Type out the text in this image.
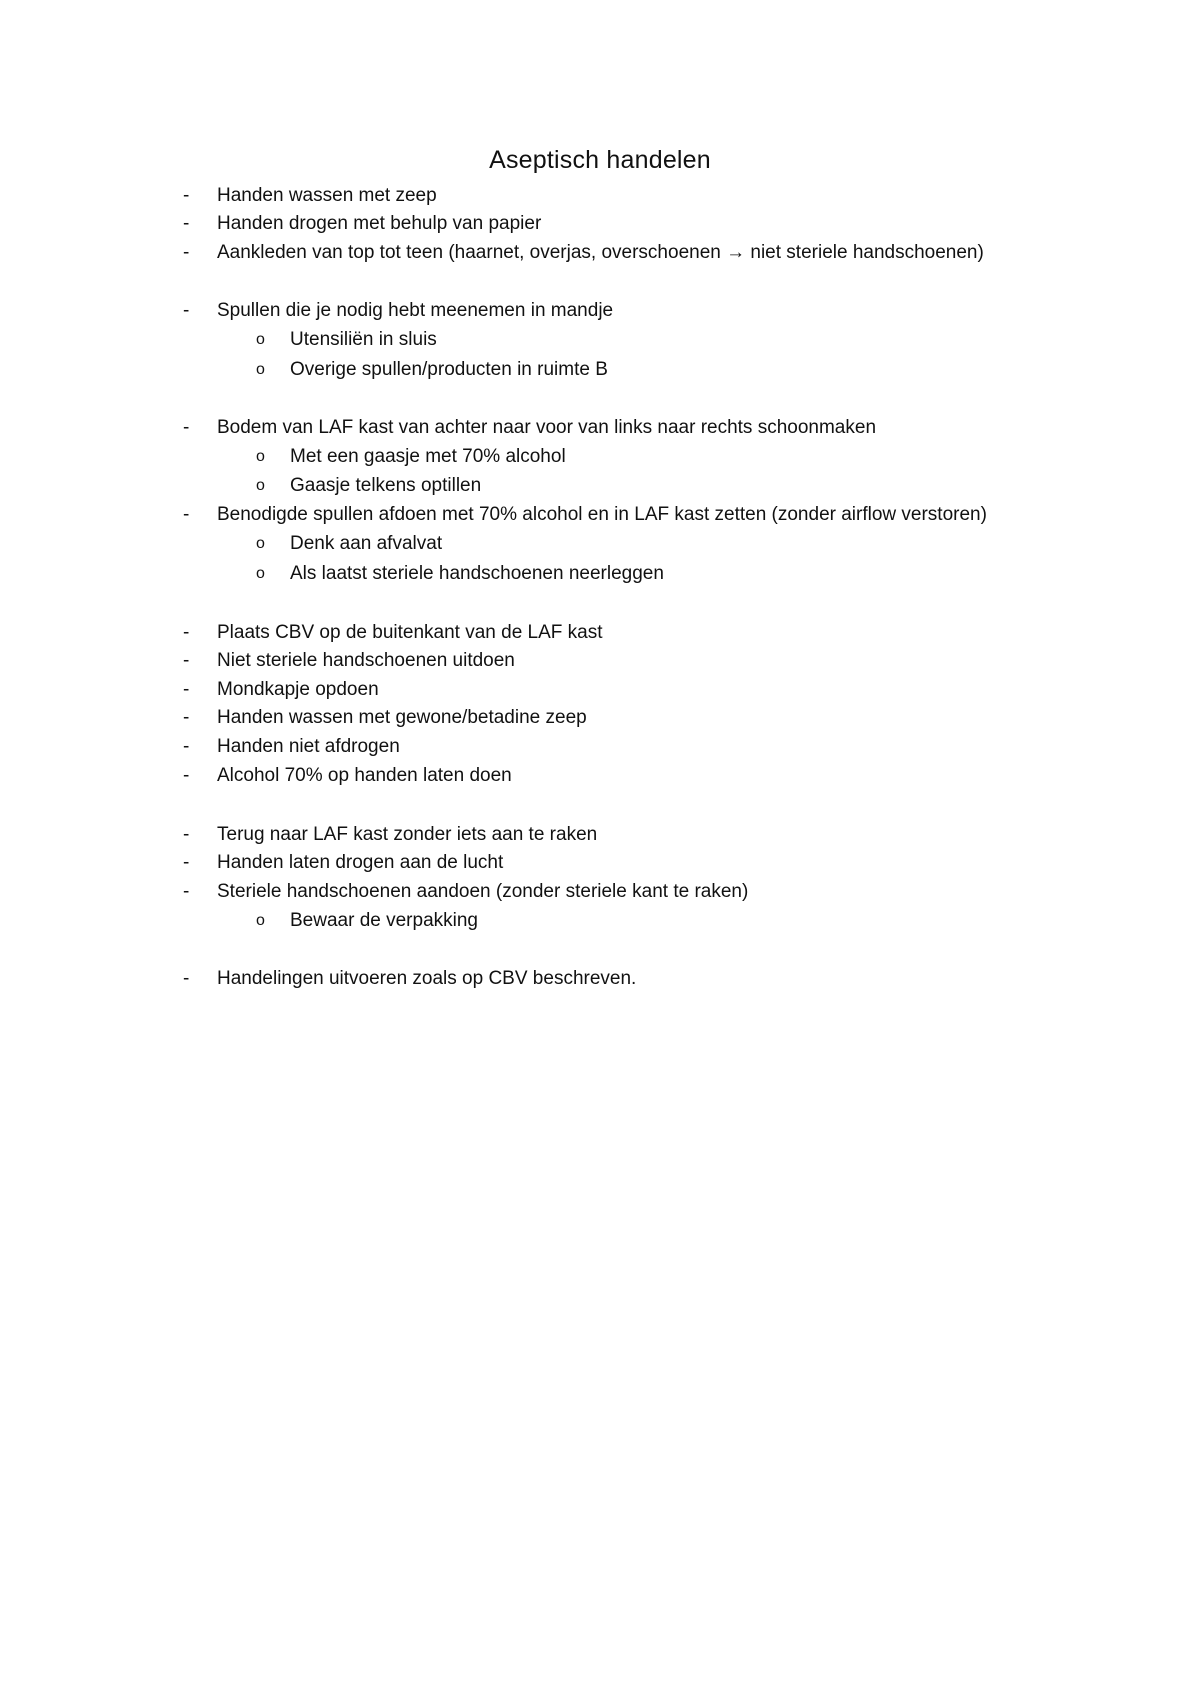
Aseptisch handelen
-	Handen wassen met zeep
-	Handen drogen met behulp van papier
-	Aankleden van top tot teen (haarnet, overjas, overschoenen → niet steriele handschoenen)
-	Spullen die je nodig hebt meenemen in mandje
o	Utensiliën in sluis
o	Overige spullen/producten in ruimte B
-	Bodem van LAF kast van achter naar voor van links naar rechts schoonmaken
o	Met een gaasje met 70% alcohol
o	Gaasje telkens optillen
-	Benodigde spullen afdoen met 70% alcohol en in LAF kast zetten (zonder airflow verstoren)
o	Denk aan afvalvat
o	Als laatst steriele handschoenen neerleggen
-	Plaats CBV op de buitenkant van de LAF kast
-	Niet steriele handschoenen uitdoen
-	Mondkapje opdoen
-	Handen wassen met gewone/betadine zeep
-	Handen niet afdrogen
-	Alcohol 70% op handen laten doen
-	Terug naar LAF kast zonder iets aan te raken
-	Handen laten drogen aan de lucht
-	Steriele handschoenen aandoen (zonder steriele kant te raken)
o	Bewaar de verpakking
-	Handelingen uitvoeren zoals op CBV beschreven.
